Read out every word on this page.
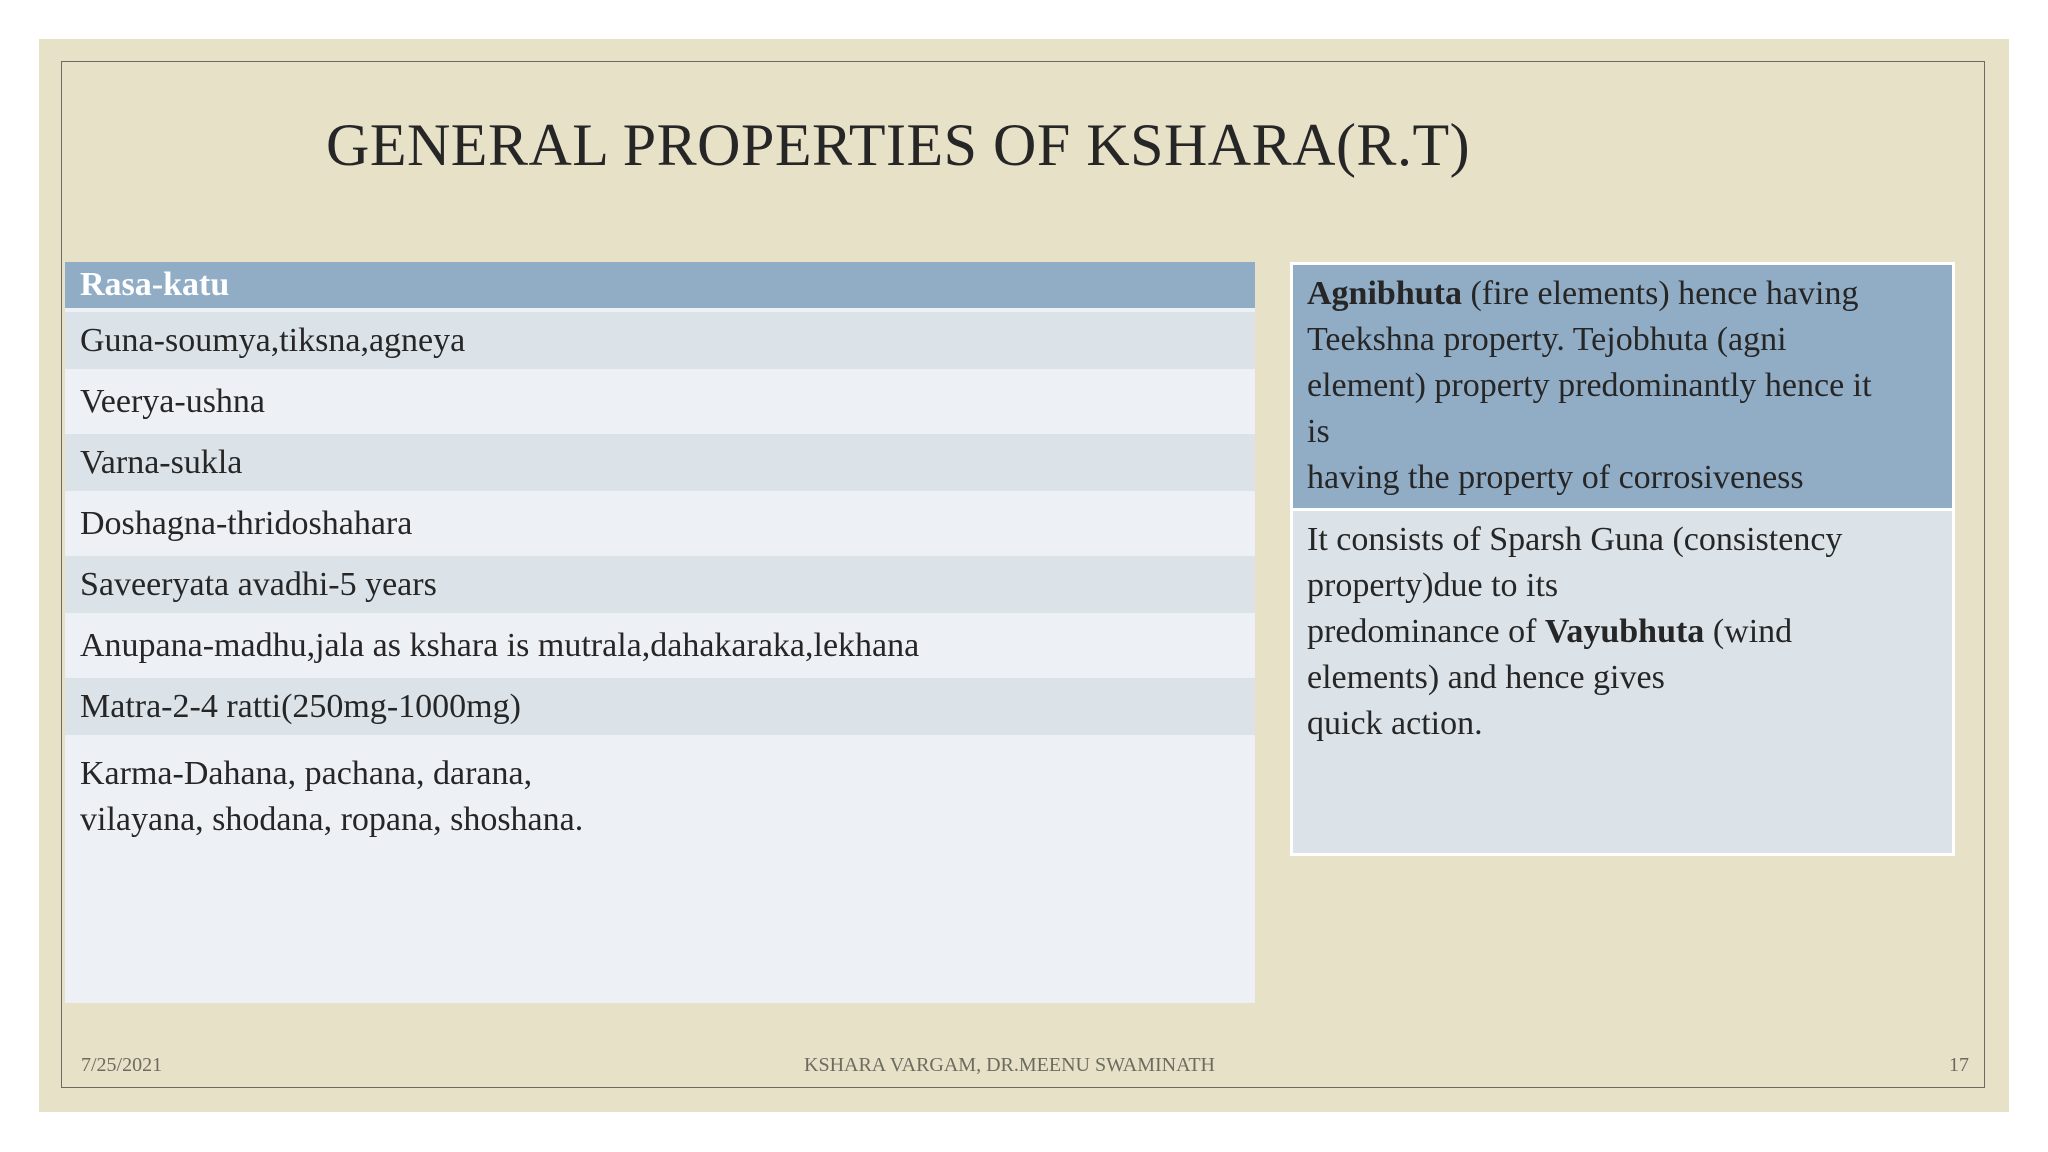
GENERAL PROPERTIES OF KSHARA(R.T)
Rasa-katu
Guna-soumya,tiksna,agneya
Veerya-ushna
Varna-sukla
Doshagna-thridoshahara
Saveeryata avadhi-5 years
Anupana-madhu,jala as kshara is mutrala,dahakaraka,lekhana
Matra-2-4 ratti(250mg-1000mg)
Karma-Dahana, pachana, darana,
vilayana, shodana, ropana, shoshana.
Agnibhuta (fire elements) hence having
Teekshna property. Tejobhuta (agni
element) property predominantly hence it
is
having the property of corrosiveness
It consists of Sparsh Guna (consistency
property)due to its
predominance of Vayubhuta (wind
elements) and hence gives
quick action.
7/25/2021	KSHARA VARGAM, DR.MEENU SWAMINATH	17
